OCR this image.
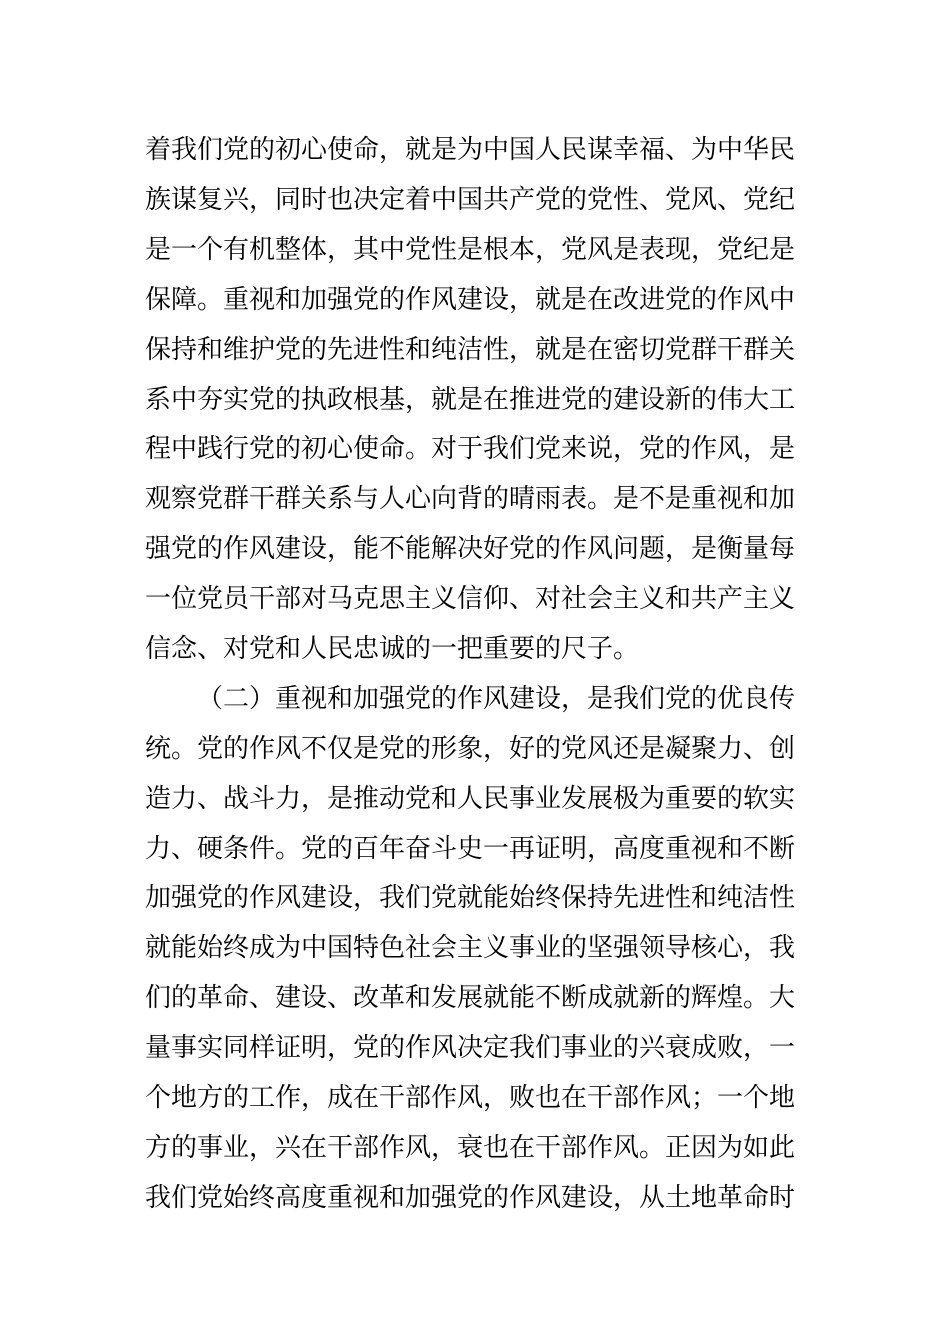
着我们党的初心使命，就是为中国人民谋幸福、为中华民

族谋复兴，同时也决定着中国共产党的党性、党风、党纪

是一个有机整体，其中党性是根本，党风是表现，党纪是

保障。重视和加强党的作风建设，就是在改进党的作风中

保持和维护党的先进性和纯洁性，就是在密切党群干群关

系中夯实党的执政根基，就是在推进党的建设新的伟大工

程中践行党的初心使命。对于我们党来说，党的作风，是

观察党群干群关系与人心向背的晴雨表。是不是重视和加

强党的作风建设，能不能解决好党的作风问题，是衡量每

一位党员干部对马克思主义信仰、对社会主义和共产主义

信念、对党和人民忠诚的一把重要的尺子。

（二）重视和加强党的作风建设，是我们党的优良传

统。党的作风不仅是党的形象，好的党风还是凝聚力、创

造力、战斗力，是推动党和人民事业发展极为重要的软实

力、硬条件。党的百年奋斗史一再证明，高度重视和不断

加强党的作风建设，我们党就能始终保持先进性和纯洁性

就能始终成为中国特色社会主义事业的坚强领导核心，我

们的革命、建设、改革和发展就能不断成就新的辉煌。大

量事实同样证明，党的作风决定我们事业的兴衰成败，一

个地方的工作，成在干部作风，败也在干部作风；一个地

方的事业，兴在干部作风，衰也在干部作风。正因为如此

我们党始终高度重视和加强党的作风建设，从土地革命时
